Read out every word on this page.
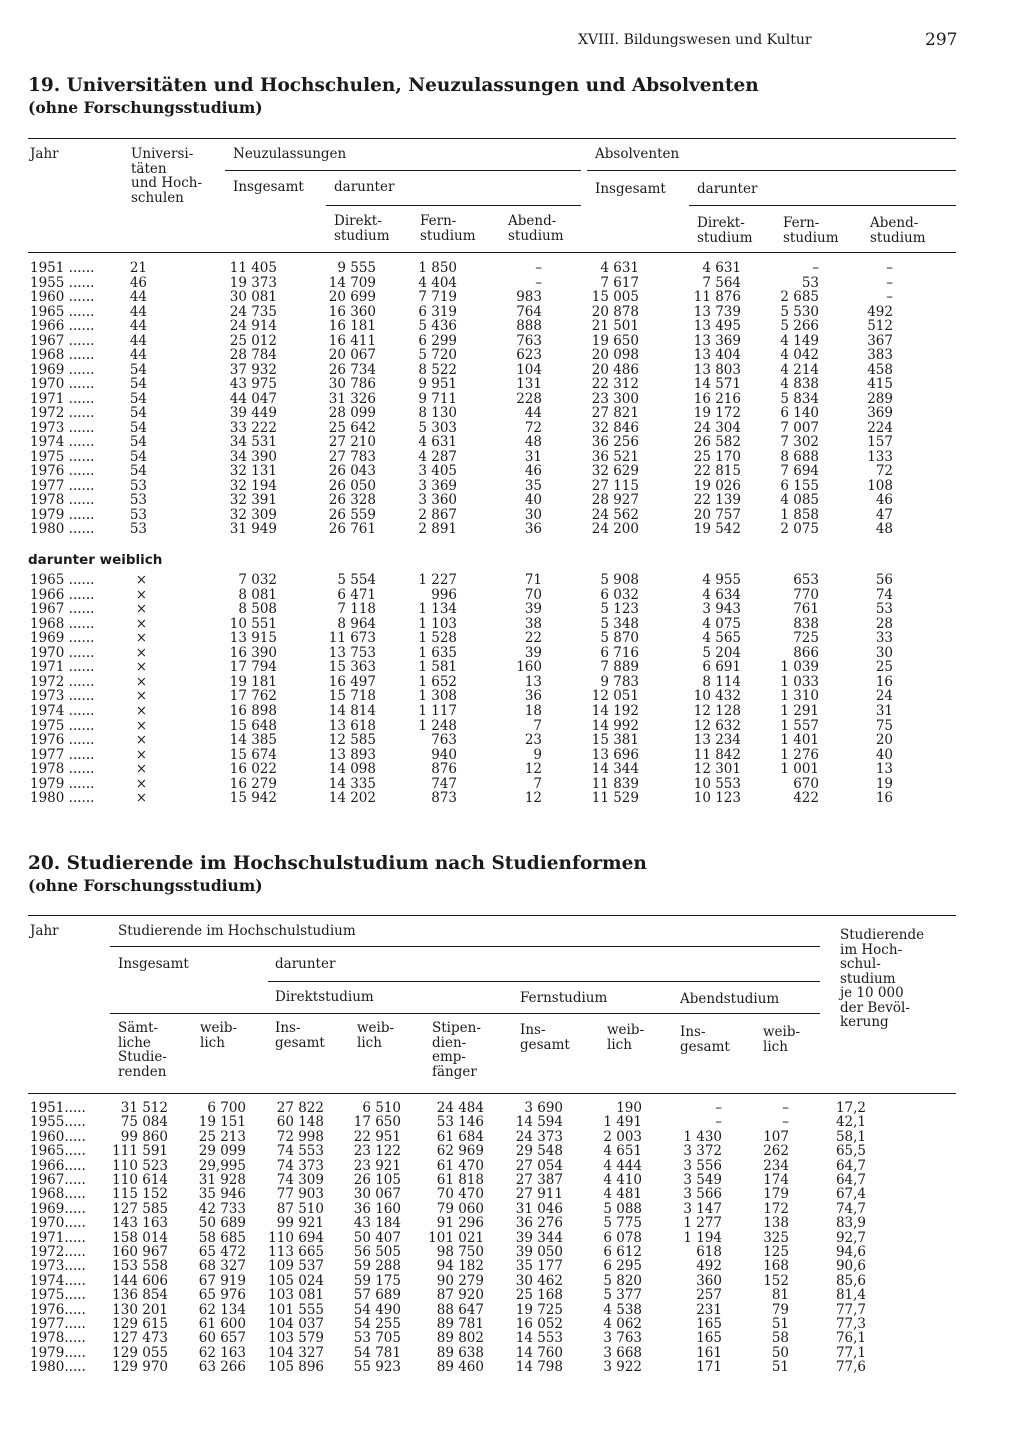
XVIII. Bildungswesen und Kultur	297
19. Universitäten und Hochschulen, Neuzulassungen und Absolventen
(ohne Forschungsstudium)
Jahr	Universi-
täten
und Hoch-
schulen
Neuzulassungen	Absolventen
Insgesamt darunter	Insgesamt darunter
Direkt-
studium
Fern-
studium
Abend-
studium
Direkt-
studium
Fern-
studium
Abend-
studium
1951 ......	21	11 405	9 555	1 850	–	4 631	4 631	–	–
1955 ......	46	19 373	14 709	4 404	–	7 617	7 564	53	–
1960 ......	44	30 081	20 699	7 719	983	15 005	11 876	2 685	–
1965 ......	44	24 735	16 360	6 319	764	20 878	13 739	5 530	492
1966 ......	44	24 914	16 181	5 436	888	21 501	13 495	5 266	512
1967 ......	44	25 012	16 411	6 299	763	19 650	13 369	4 149	367
1968 ......	44	28 784	20 067	5 720	623	20 098	13 404	4 042	383
1969 ......	54	37 932	26 734	8 522	104	20 486	13 803	4 214	458
1970 ......	54	43 975	30 786	9 951	131	22 312	14 571	4 838	415
1971 ......	54	44 047	31 326	9 711	228	23 300	16 216	5 834	289
1972 ......	54	39 449	28 099	8 130	44	27 821	19 172	6 140	369
1973 ......	54	33 222	25 642	5 303	72	32 846	24 304	7 007	224
1974 ......	54	34 531	27 210	4 631	48	36 256	26 582	7 302	157
1975 ......	54	34 390	27 783	4 287	31	36 521	25 170	8 688	133
1976 ......	54	32 131	26 043	3 405	46	32 629	22 815	7 694	72
1977 ......	53	32 194	26 050	3 369	35	27 115	19 026	6 155	108
1978 ......	53	32 391	26 328	3 360	40	28 927	22 139	4 085	46
1979 ......	53	32 309	26 559	2 867	30	24 562	20 757	1 858	47
1980 ......	53	31 949	26 761	2 891	36	24 200	19 542	2 075	48
darunter weiblich
1965 ......	×	7 032	5 554	1 227	71	5 908	4 955	653	56
1966 ......	×	8 081	6 471	996	70	6 032	4 634	770	74
1967 ......	×	8 508	7 118	1 134	39	5 123	3 943	761	53
1968 ......	×	10 551	8 964	1 103	38	5 348	4 075	838	28
1969 ......	×	13 915	11 673	1 528	22	5 870	4 565	725	33
1970 ......	×	16 390	13 753	1 635	39	6 716	5 204	866	30
1971 ......	×	17 794	15 363	1 581	160	7 889	6 691	1 039	25
1972 ......	×	19 181	16 497	1 652	13	9 783	8 114	1 033	16
1973 ......	×	17 762	15 718	1 308	36	12 051	10 432	1 310	24
1974 ......	×	16 898	14 814	1 117	18	14 192	12 128	1 291	31
1975 ......	×	15 648	13 618	1 248	7	14 992	12 632	1 557	75
1976 ......	×	14 385	12 585	763	23	15 381	13 234	1 401	20
1977 ......	×	15 674	13 893	940	9	13 696	11 842	1 276	40
1978 ......	×	16 022	14 098	876	12	14 344	12 301	1 001	13
1979 ......	×	16 279	14 335	747	7	11 839	10 553	670	19
1980 ......	×	15 942	14 202	873	12	11 529	10 123	422	16
20. Studierende im Hochschulstudium nach Studienformen
(ohne Forschungsstudium)
Jahr	Studierende im Hochschulstudium	Studierende
im Hoch-
schul-
studium
je 10 000
der Bevöl-
kerung
Insgesamt	darunter
Direktstudium	Fernstudium	Abendstudium
Sämt-
liche
Studie-
renden
weib-
lich
Ins-
gesamt
weib-
lich
Stipen-
dien-
emp-
fänger
Ins-
gesamt
weib-
lich
Ins-
gesamt
weib-
lich
1951.....	31 512	6 700	27 822	6 510	24 484	3 690	190	–	–	17,2
1955.....	75 084	19 151	60 148	17 650	53 146	14 594	1 491	–	–	42,1
1960.....	99 860	25 213	72 998	22 951	61 684	24 373	2 003	1 430	107	58,1
1965.....	111 591	29 099	74 553	23 122	62 969	29 548	4 651	3 372	262	65,5
1966.....	110 523	29,995	74 373	23 921	61 470	27 054	4 444	3 556	234	64,7
1967.....	110 614	31 928	74 309	26 105	61 818	27 387	4 410	3 549	174	64,7
1968.....	115 152	35 946	77 903	30 067	70 470	27 911	4 481	3 566	179	67,4
1969.....	127 585	42 733	87 510	36 160	79 060	31 046	5 088	3 147	172	74,7
1970.....	143 163	50 689	99 921	43 184	91 296	36 276	5 775	1 277	138	83,9
1971.....	158 014	58 685	110 694	50 407	101 021	39 344	6 078	1 194	325	92,7
1972.....	160 967	65 472	113 665	56 505	98 750	39 050	6 612	618	125	94,6
1973.....	153 558	68 327	109 537	59 288	94 182	35 177	6 295	492	168	90,6
1974.....	144 606	67 919	105 024	59 175	90 279	30 462	5 820	360	152	85,6
1975.....	136 854	65 976	103 081	57 689	87 920	25 168	5 377	257	81	81,4
1976.....	130 201	62 134	101 555	54 490	88 647	19 725	4 538	231	79	77,7
1977.....	129 615	61 600	104 037	54 255	89 781	16 052	4 062	165	51	77,3
1978.....	127 473	60 657	103 579	53 705	89 802	14 553	3 763	165	58	76,1
1979.....	129 055	62 163	104 327	54 781	89 638	14 760	3 668	161	50	77,1
1980.....	129 970	63 266	105 896	55 923	89 460	14 798	3 922	171	51	77,6
